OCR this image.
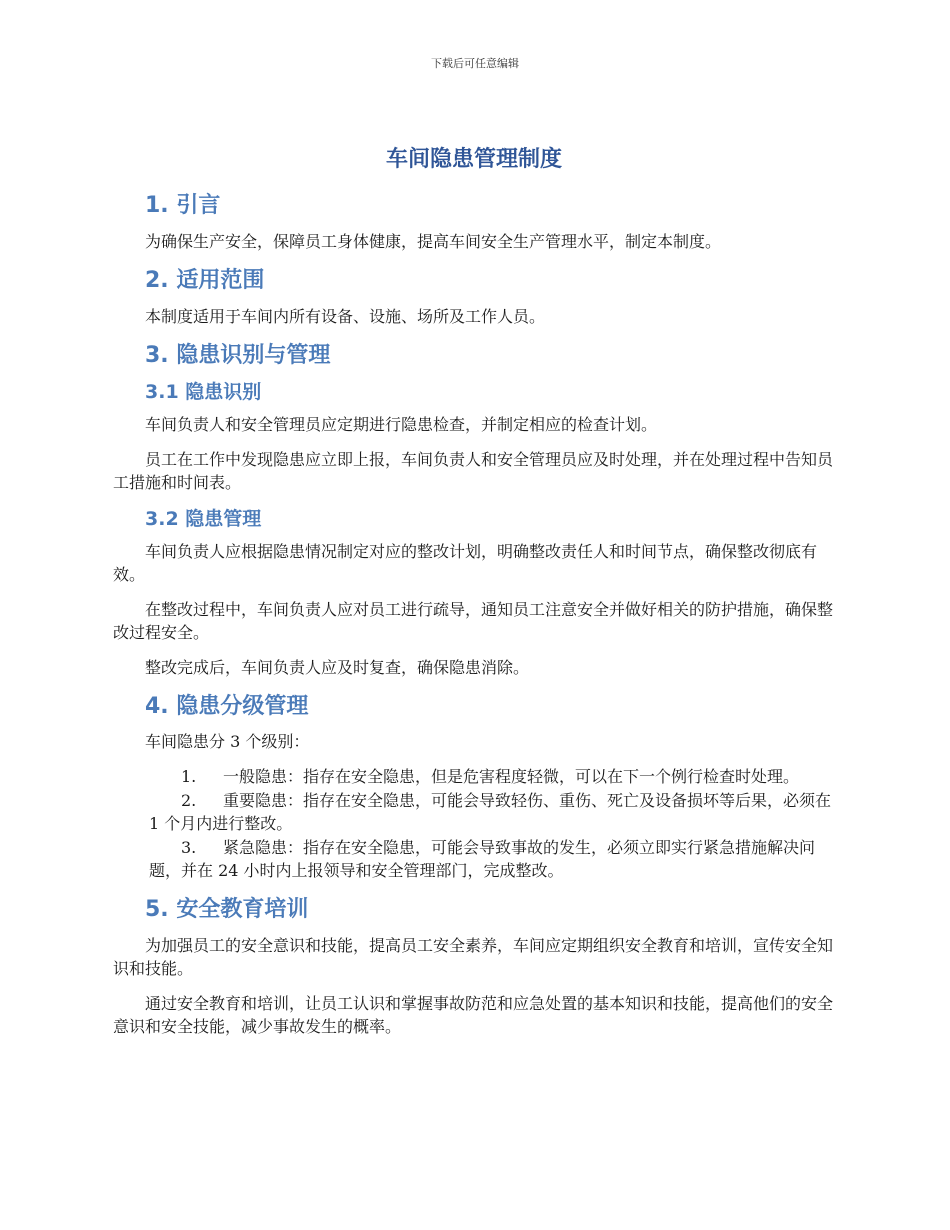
下载后可任意编辑
车间隐患管理制度
1. 引言

为确保生产安全，保障员工身体健康，提高车间安全生产管理水平，制定本制度。

2. 适用范围

本制度适用于车间内所有设备、设施、场所及工作人员。

3. 隐患识别与管理
3.1 隐患识别

车间负责人和安全管理员应定期进行隐患检查，并制定相应的检查计划。

员工在工作中发现隐患应立即上报，车间负责人和安全管理员应及时处理，并在处理过程中告知员工措施和时间表。

3.2 隐患管理

车间负责人应根据隐患情况制定对应的整改计划，明确整改责任人和时间节点，确保整改彻底有效。

在整改过程中，车间负责人应对员工进行疏导，通知员工注意安全并做好相关的防护措施，确保整改过程安全。

整改完成后，车间负责人应及时复查，确保隐患消除。

4. 隐患分级管理

车间隐患分 3 个级别：

1. 一般隐患：指存在安全隐患，但是危害程度轻微，可以在下一个例行检查时处理。
2. 重要隐患：指存在安全隐患，可能会导致轻伤、重伤、死亡及设备损坏等后果，必须在 1 个月内进行整改。
3. 紧急隐患：指存在安全隐患，可能会导致事故的发生，必须立即实行紧急措施解决问题，并在 24 小时内上报领导和安全管理部门，完成整改。
5. 安全教育培训

为加强员工的安全意识和技能，提高员工安全素养，车间应定期组织安全教育和培训，宣传安全知识和技能。

通过安全教育和培训，让员工认识和掌握事故防范和应急处置的基本知识和技能，提高他们的安全意识和安全技能，减少事故发生的概率。
